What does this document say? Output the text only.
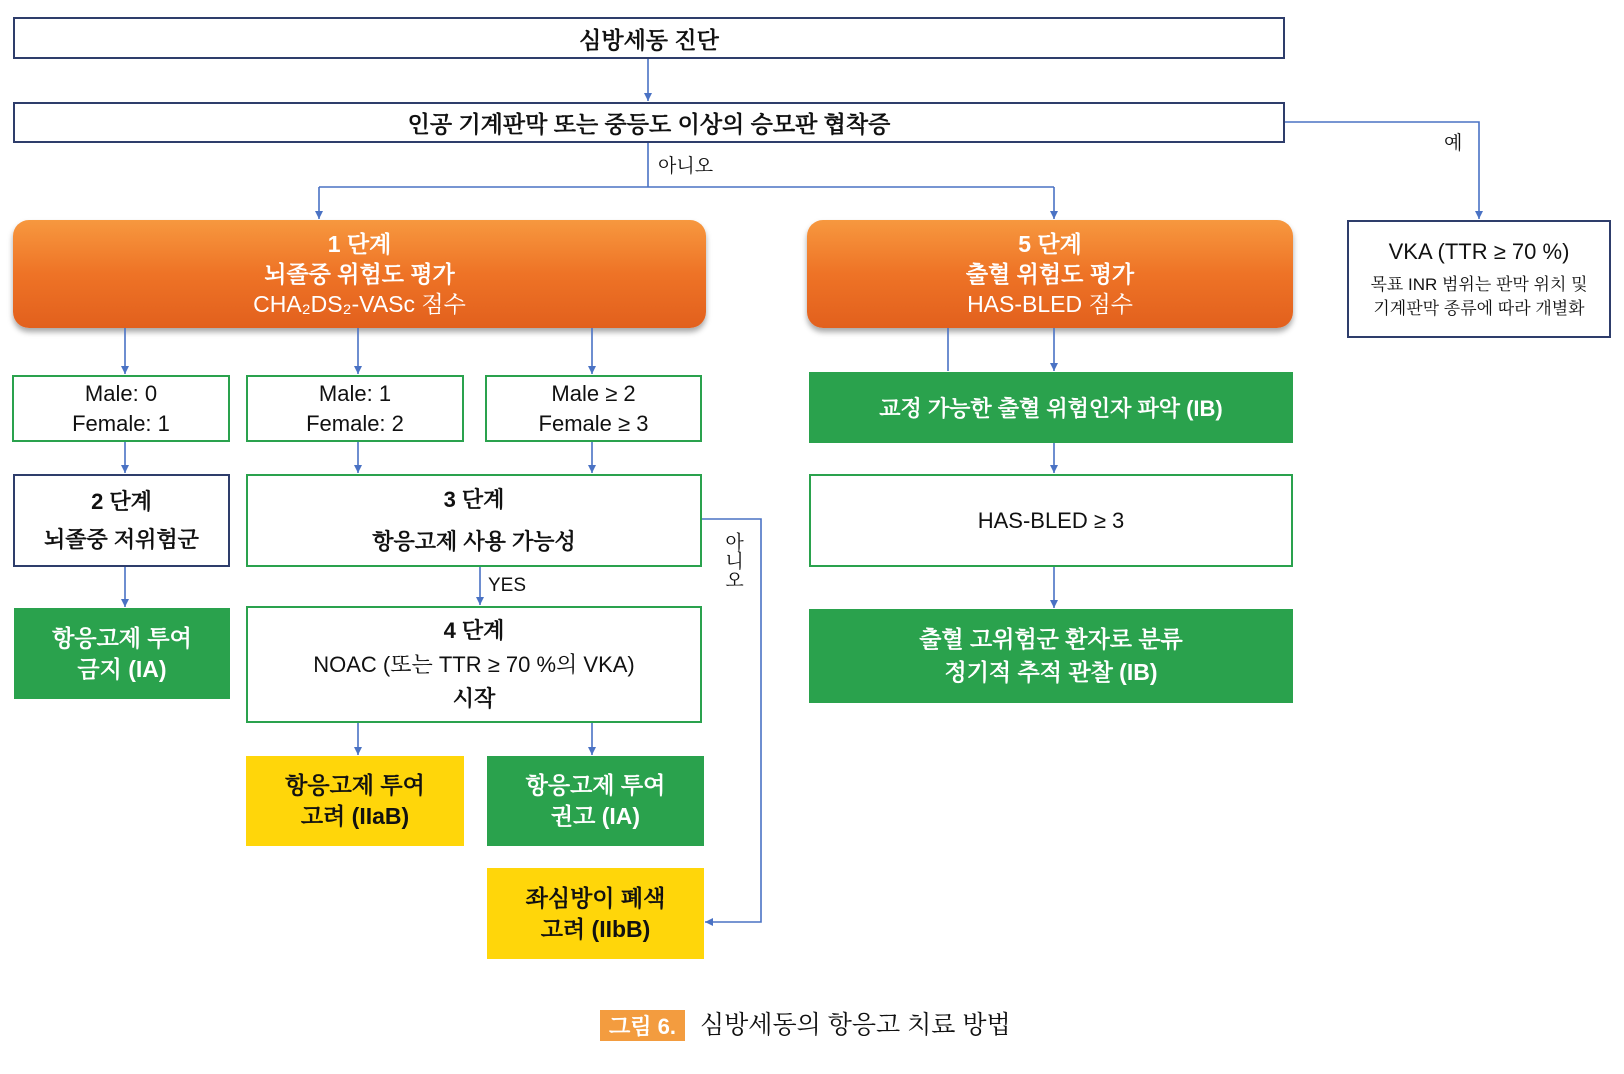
심방세동 진단
인공 기계판막 또는 중등도 이상의 승모판 협착증
1 단계
뇌졸중 위험도 평가
CHA₂DS₂-VASc 점수
5 단계
출혈 위험도 평가
HAS-BLED 점수
VKA (TTR ≥ 70 %)
목표 INR 범위는 판막 위치 및
기계판막 종류에 따라 개별화
Male: 0
Female: 1
Male: 1
Female: 2
Male ≥ 2
Female ≥ 3
2 단계
뇌졸중 저위험군
3 단계
항응고제 사용 가능성
항응고제 투여
금지 (IA)
4 단계
NOAC (또는 TTR ≥ 70 %의 VKA)
시작
항응고제 투여
고려 (IIaB)
항응고제 투여
권고 (IA)
좌심방이 폐색
고려 (IIbB)
교정 가능한 출혈 위험인자 파악 (IB)
HAS-BLED ≥ 3
출혈 고위험군 환자로 분류
정기적 추적 관찰 (IB)
예
아니오
YES	아니오
그림 6. 심방세동의 항응고 치료 방법
